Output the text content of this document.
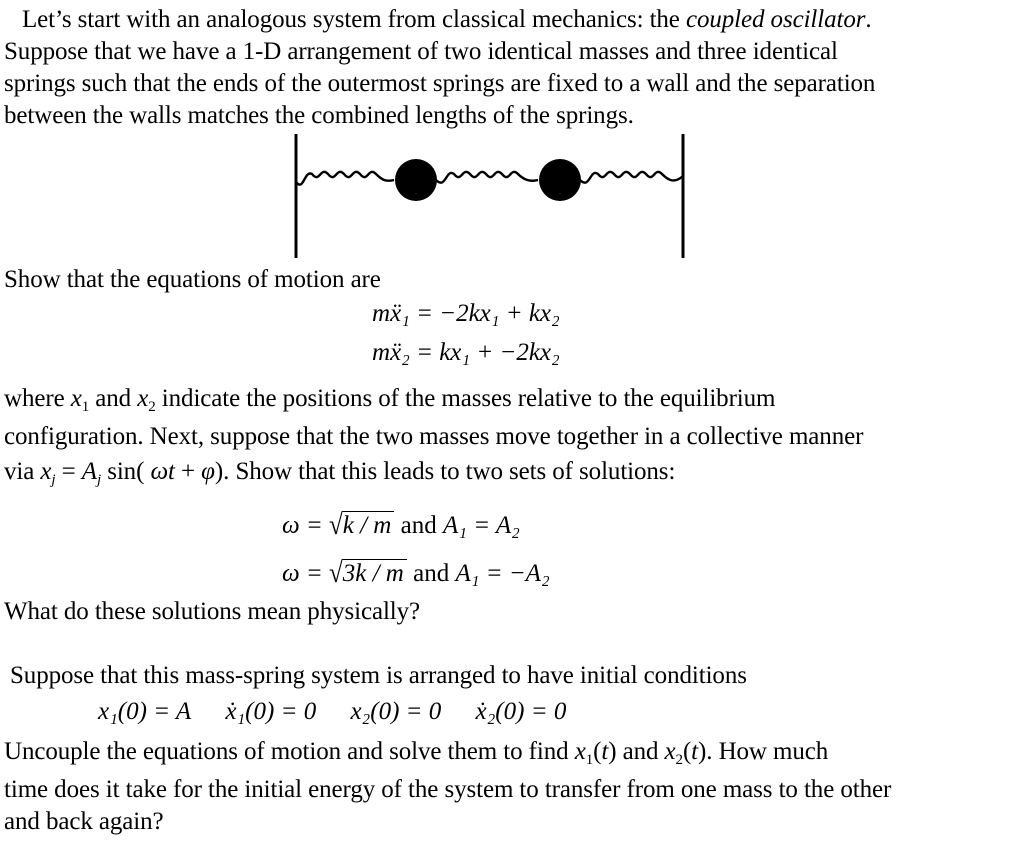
Let’s start with an analogous system from classical mechanics: the coupled oscillator.
Suppose that we have a 1-D arrangement of two identical masses and three identical
springs such that the ends of the outermost springs are fixed to a wall and the separation
between the walls matches the combined lengths of the springs.
Show that the equations of motion are
mẍ₁ = −2kx₁ + kx₂
mẍ₂ = kx₁ + −2kx₂
where $x_1$ and $x_2$ indicate the positions of the masses relative to the equilibrium
configuration. Next, suppose that the two masses move together in a collective manner
via $x_j = A_j$ sin( ωt + φ). Show that this leads to two sets of solutions:
ω = √k / m and A₁ = A₂
ω = √3k / m and A₁ = −A₂
What do these solutions mean physically?
Suppose that this mass-spring system is arranged to have initial conditions
x₁(0) = A ẋ₁(0) = 0 x₂(0) = 0 ẋ₂(0) = 0
Uncouple the equations of motion and solve them to find $x_1(t)$ and $x_2(t)$. How much
time does it take for the initial energy of the system to transfer from one mass to the other
and back again?
